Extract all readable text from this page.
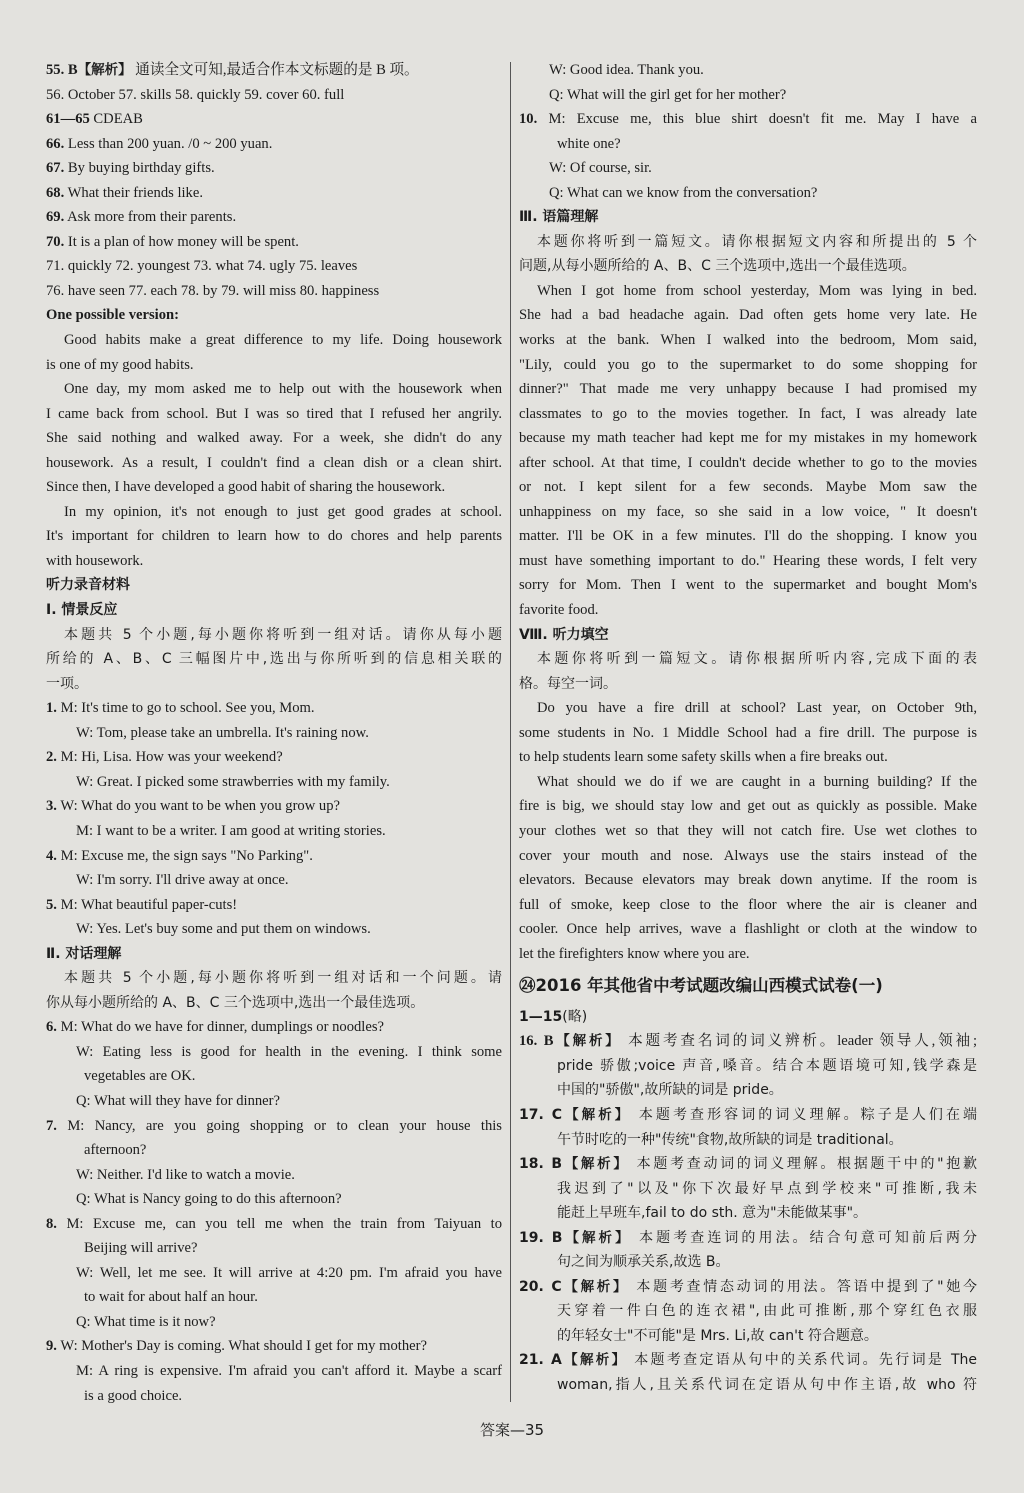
55. B【解析】 通读全文可知,最适合作本文标题的是 B 项。
56. October 57. skills 58. quickly 59. cover 60. full
61—65 CDEAB
66. Less than 200 yuan. /0 ~ 200 yuan.
67. By buying birthday gifts.
68. What their friends like.
69. Ask more from their parents.
70. It is a plan of how money will be spent.
71. quickly 72. youngest 73. what 74. ugly 75. leaves
76. have seen 77. each 78. by 79. will miss 80. happiness
One possible version:
Good habits make a great difference to my life. Doing housework
is one of my good habits.
One day, my mom asked me to help out with the housework when
I came back from school. But I was so tired that I refused her angrily.
She said nothing and walked away. For a week, she didn't do any
housework. As a result, I couldn't find a clean dish or a clean shirt.
Since then, I have developed a good habit of sharing the housework.
In my opinion, it's not enough to just get good grades at school.
It's important for children to learn how to do chores and help parents
with housework.
听力录音材料
Ⅰ. 情景反应
本题共 5 个小题,每小题你将听到一组对话。请你从每小题
所给的 A、B、C 三幅图片中,选出与你所听到的信息相关联的
一项。
1. M: It's time to go to school. See you, Mom.
W: Tom, please take an umbrella. It's raining now.
2. M: Hi, Lisa. How was your weekend?
W: Great. I picked some strawberries with my family.
3. W: What do you want to be when you grow up?
M: I want to be a writer. I am good at writing stories.
4. M: Excuse me, the sign says "No Parking".
W: I'm sorry. I'll drive away at once.
5. M: What beautiful paper-cuts!
W: Yes. Let's buy some and put them on windows.
Ⅱ. 对话理解
本题共 5 个小题,每小题你将听到一组对话和一个问题。请
你从每小题所给的 A、B、C 三个选项中,选出一个最佳选项。
6. M: What do we have for dinner, dumplings or noodles?
W: Eating less is good for health in the evening. I think some
vegetables are OK.
Q: What will they have for dinner?
7. M: Nancy, are you going shopping or to clean your house this
afternoon?
W: Neither. I'd like to watch a movie.
Q: What is Nancy going to do this afternoon?
8. M: Excuse me, can you tell me when the train from Taiyuan to
Beijing will arrive?
W: Well, let me see. It will arrive at 4:20 pm. I'm afraid you have
to wait for about half an hour.
Q: What time is it now?
9. W: Mother's Day is coming. What should I get for my mother?
M: A ring is expensive. I'm afraid you can't afford it. Maybe a scarf
is a good choice.
W: Good idea. Thank you.
Q: What will the girl get for her mother?
10. M: Excuse me, this blue shirt doesn't fit me. May I have a
white one?
W: Of course, sir.
Q: What can we know from the conversation?
Ⅲ. 语篇理解
本题你将听到一篇短文。请你根据短文内容和所提出的 5 个
问题,从每小题所给的 A、B、C 三个选项中,选出一个最佳选项。
When I got home from school yesterday, Mom was lying in bed.
She had a bad headache again. Dad often gets home very late. He
works at the bank. When I walked into the bedroom, Mom said,
"Lily, could you go to the supermarket to do some shopping for
dinner?" That made me very unhappy because I had promised my
classmates to go to the movies together. In fact, I was already late
because my math teacher had kept me for my mistakes in my homework
after school. At that time, I couldn't decide whether to go to the movies
or not. I kept silent for a few seconds. Maybe Mom saw the
unhappiness on my face, so she said in a low voice, " It doesn't
matter. I'll be OK in a few minutes. I'll do the shopping. I know you
must have something important to do." Hearing these words, I felt very
sorry for Mom. Then I went to the supermarket and bought Mom's
favorite food.
Ⅷ. 听力填空
本题你将听到一篇短文。请你根据所听内容,完成下面的表
格。每空一词。
Do you have a fire drill at school? Last year, on October 9th,
some students in No. 1 Middle School had a fire drill. The purpose is
to help students learn some safety skills when a fire breaks out.
What should we do if we are caught in a burning building? If the
fire is big, we should stay low and get out as quickly as possible. Make
your clothes wet so that they will not catch fire. Use wet clothes to
cover your mouth and nose. Always use the stairs instead of the
elevators. Because elevators may break down anytime. If the room is
full of smoke, keep close to the floor where the air is cleaner and
cooler. Once help arrives, wave a flashlight or cloth at the window to
let the firefighters know where you are.
㉔2016 年其他省中考试题改编山西模式试卷(一)
1—15(略)
16. B【解析】 本题考查名词的词义辨析。leader 领导人,领袖;
pride 骄傲;voice 声音,嗓音。结合本题语境可知,钱学森是
中国的"骄傲",故所缺的词是 pride。
17. C【解析】 本题考查形容词的词义理解。粽子是人们在端
午节时吃的一种"传统"食物,故所缺的词是 traditional。
18. B【解析】 本题考查动词的词义理解。根据题干中的"抱歉
我迟到了"以及"你下次最好早点到学校来"可推断,我未
能赶上早班车,fail to do sth. 意为"未能做某事"。
19. B【解析】 本题考查连词的用法。结合句意可知前后两分
句之间为顺承关系,故选 B。
20. C【解析】 本题考查情态动词的用法。答语中提到了"她今
天穿着一件白色的连衣裙",由此可推断,那个穿红色衣服
的年轻女士"不可能"是 Mrs. Li,故 can't 符合题意。
21. A【解析】 本题考查定语从句中的关系代词。先行词是 The
woman,指人,且关系代词在定语从句中作主语,故 who 符
答案—35
